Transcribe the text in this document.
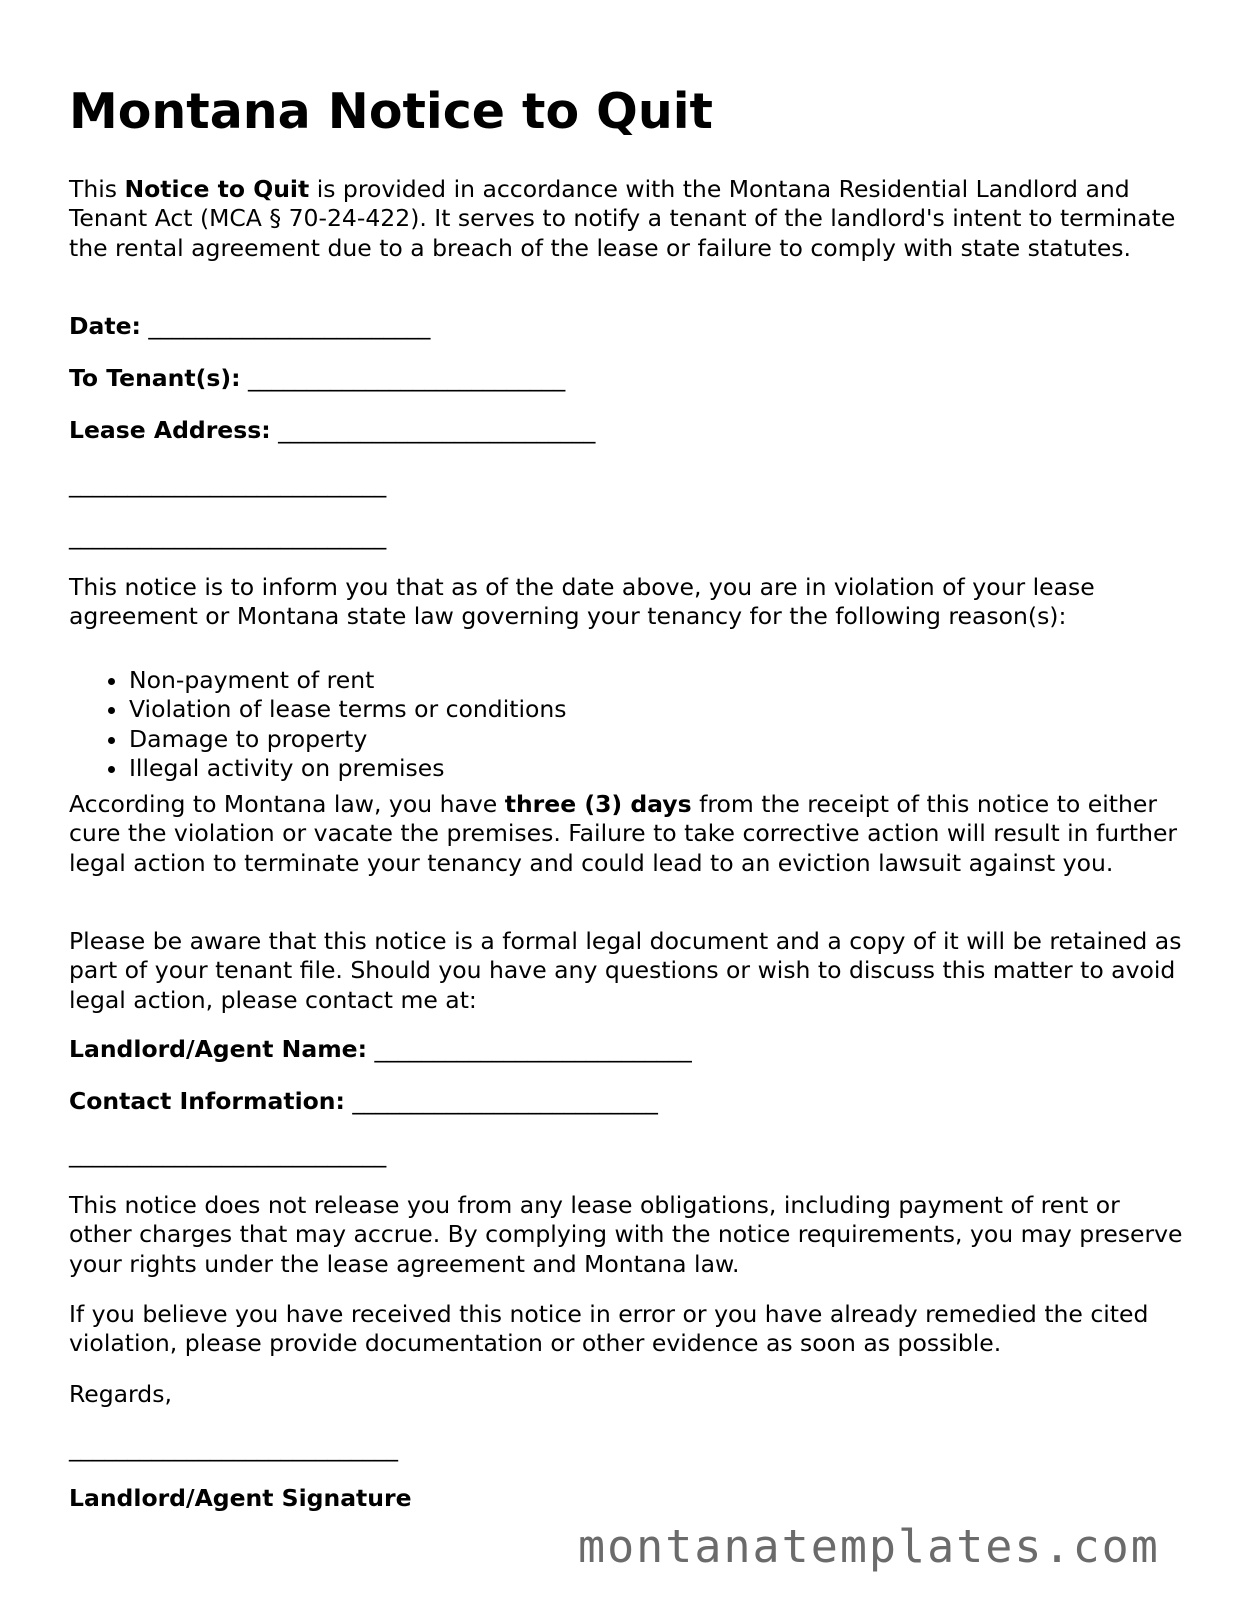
Montana Notice to Quit

This Notice to Quit is provided in accordance with the Montana Residential Landlord and Tenant Act (MCA § 70-24-422). It serves to notify a tenant of the landlord's intent to terminate the rental agreement due to a breach of the lease or failure to comply with state statutes.

Date: ________________________

To Tenant(s): ___________________________

Lease Address: ___________________________

___________________________

___________________________

This notice is to inform you that as of the date above, you are in violation of your lease agreement or Montana state law governing your tenancy for the following reason(s):

• Non-payment of rent
• Violation of lease terms or conditions
• Damage to property
• Illegal activity on premises

According to Montana law, you have three (3) days from the receipt of this notice to either cure the violation or vacate the premises. Failure to take corrective action will result in further legal action to terminate your tenancy and could lead to an eviction lawsuit against you.

Please be aware that this notice is a formal legal document and a copy of it will be retained as part of your tenant file. Should you have any questions or wish to discuss this matter to avoid legal action, please contact me at:

Landlord/Agent Name: ___________________________

Contact Information: __________________________

___________________________

This notice does not release you from any lease obligations, including payment of rent or other charges that may accrue. By complying with the notice requirements, you may preserve your rights under the lease agreement and Montana law.

If you believe you have received this notice in error or you have already remedied the cited violation, please provide documentation or other evidence as soon as possible.

Regards,

____________________________

Landlord/Agent Signature

montanatemplates.com
